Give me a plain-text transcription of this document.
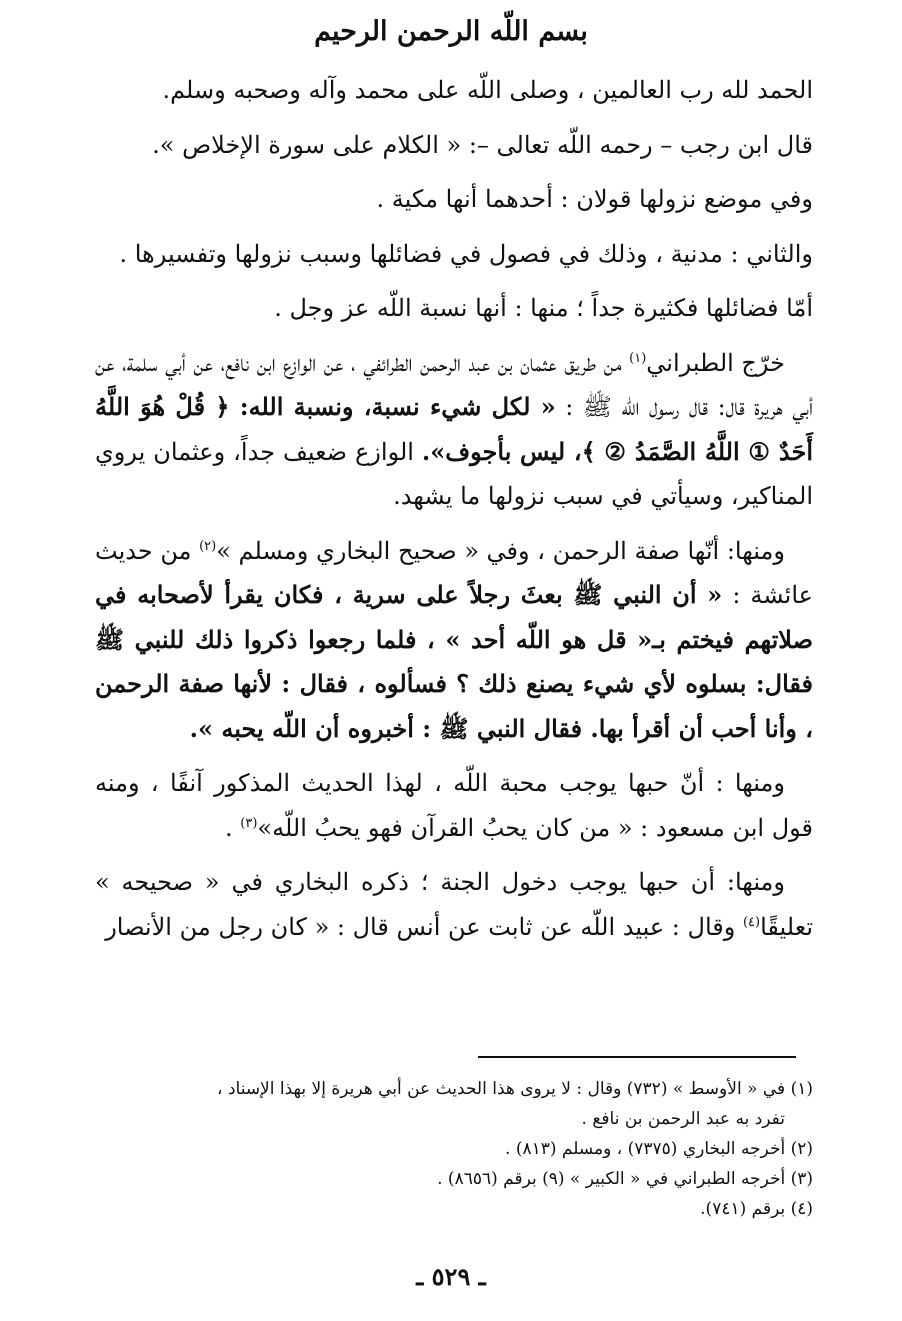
بسم اللّه الرحمن الرحيم

الحمد لله رب العالمين ، وصلى اللّه على محمد وآله وصحبه وسلم.

قال ابن رجب – رحمه اللّه تعالى –: « الكلام على سورة الإخلاص ».

وفي موضع نزولها قولان : أحدهما أنها مكية .

والثاني : مدنية ، وذلك في فصول في فضائلها وسبب نزولها وتفسيرها .

أمّا فضائلها فكثيرة جداً ؛ منها : أنها نسبة اللّه عز وجل .

خرّج الطبراني$^{(١)}$ من طريق عثمان بن عبد الرحمن الطرائفي ، عن الوازع ابن نافع، عن أبي سلمة، عن أبي هريرة قال: قال رسول اللّه ﷺ : « لكل شيء نسبة، ونسبة الله: ﴿ قُلْ هُوَ اللَّهُ أَحَدٌ ① اللَّهُ الصَّمَدُ ② ﴾، ليس بأجوف». الوازع ضعيف جداً، وعثمان يروي المناكير، وسيأتي في سبب نزولها ما يشهد.

ومنها: أنّها صفة الرحمن ، وفي « صحيح البخاري ومسلم »$^{(٢)}$ من حديث عائشة : « أن النبي ﷺ بعثَ رجلاً على سرية ، فكان يقرأ لأصحابه في صلاتهم فيختم بـ« قل هو اللّه أحد » ، فلما رجعوا ذكروا ذلك للنبي ﷺ فقال: بسلوه لأي شيء يصنع ذلك ؟ فسألوه ، فقال : لأنها صفة الرحمن ، وأنا أحب أن أقرأ بها. فقال النبي ﷺ : أخبروه أن اللّه يحبه ».

ومنها : أنّ حبها يوجب محبة اللّه ، لهذا الحديث المذكور آنفًا ، ومنه قول ابن مسعود : « من كان يحبُ القرآن فهو يحبُ اللّه»$^{(٣)}$ .

ومنها: أن حبها يوجب دخول الجنة ؛ ذكره البخاري في « صحيحه » تعليقًا$^{(٤)}$ وقال : عبيد اللّه عن ثابت عن أنس قال : « كان رجل من الأنصار

(١) في « الأوسط » (٧٣٢) وقال : لا يروى هذا الحديث عن أبي هريرة إلا بهذا الإسناد ،
تفرد به عبد الرحمن بن نافع .
(٢) أخرجه البخاري (٧٣٧٥) ، ومسلم (٨١٣) .
(٣) أخرجه الطبراني في « الكبير » (٩) برقم (٨٦٥٦) .
(٤) برقم (٧٤١).
ـ ٥٢٩ ـ
